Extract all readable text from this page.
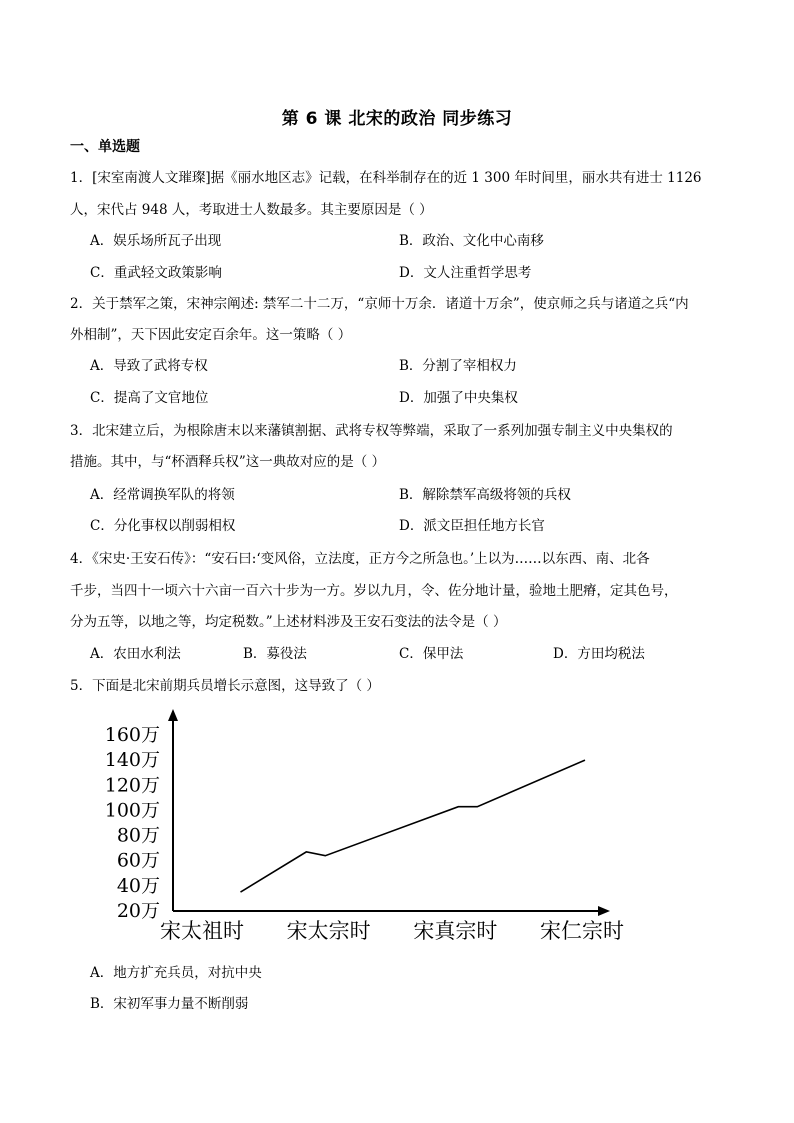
第 6 课 北宋的政治 同步练习
一、单选题
1．[宋室南渡人文璀璨]据《丽水地区志》记载，在科举制存在的近 1 300 年时间里，丽水共有进士 1126
人，宋代占 948 人，考取进士人数最多。其主要原因是（ ）
A．娱乐场所瓦子出现	B．政治、文化中心南移
C．重武轻文政策影响	D．文人注重哲学思考
2．关于禁军之策，宋神宗阐述: 禁军二十二万，“京师十万余．诸道十万余”，使京师之兵与诸道之兵“内
外相制”，天下因此安定百余年。这一策略（ ）
A．导致了武将专权	B．分割了宰相权力
C．提高了文官地位	D．加强了中央集权
3．北宋建立后，为根除唐末以来藩镇割据、武将专权等弊端，采取了一系列加强专制主义中央集权的
措施。其中，与“杯酒释兵权”这一典故对应的是（ ）
A．经常调换军队的将领	B．解除禁军高级将领的兵权
C．分化事权以削弱相权	D．派文臣担任地方长官
4．《宋史·王安石传》：“安石曰:‘变风俗，立法度，正方今之所急也。’上以为……以东西、南、北各
千步，当四十一顷六十六亩一百六十步为一方。岁以九月，令、佐分地计量，验地土肥瘠，定其色号，
分为五等，以地之等，均定税数。”上述材料涉及王安石变法的法令是（ ）
A．农田水利法	B．募役法	C．保甲法	D．方田均税法
5．下面是北宋前期兵员增长示意图，这导致了（ ）
20万
40万
60万
80万
100万
120万
140万
160万
宋太祖时 宋太宗时 宋真宗时 宋仁宗时
A．地方扩充兵员，对抗中央
B．宋初军事力量不断削弱
